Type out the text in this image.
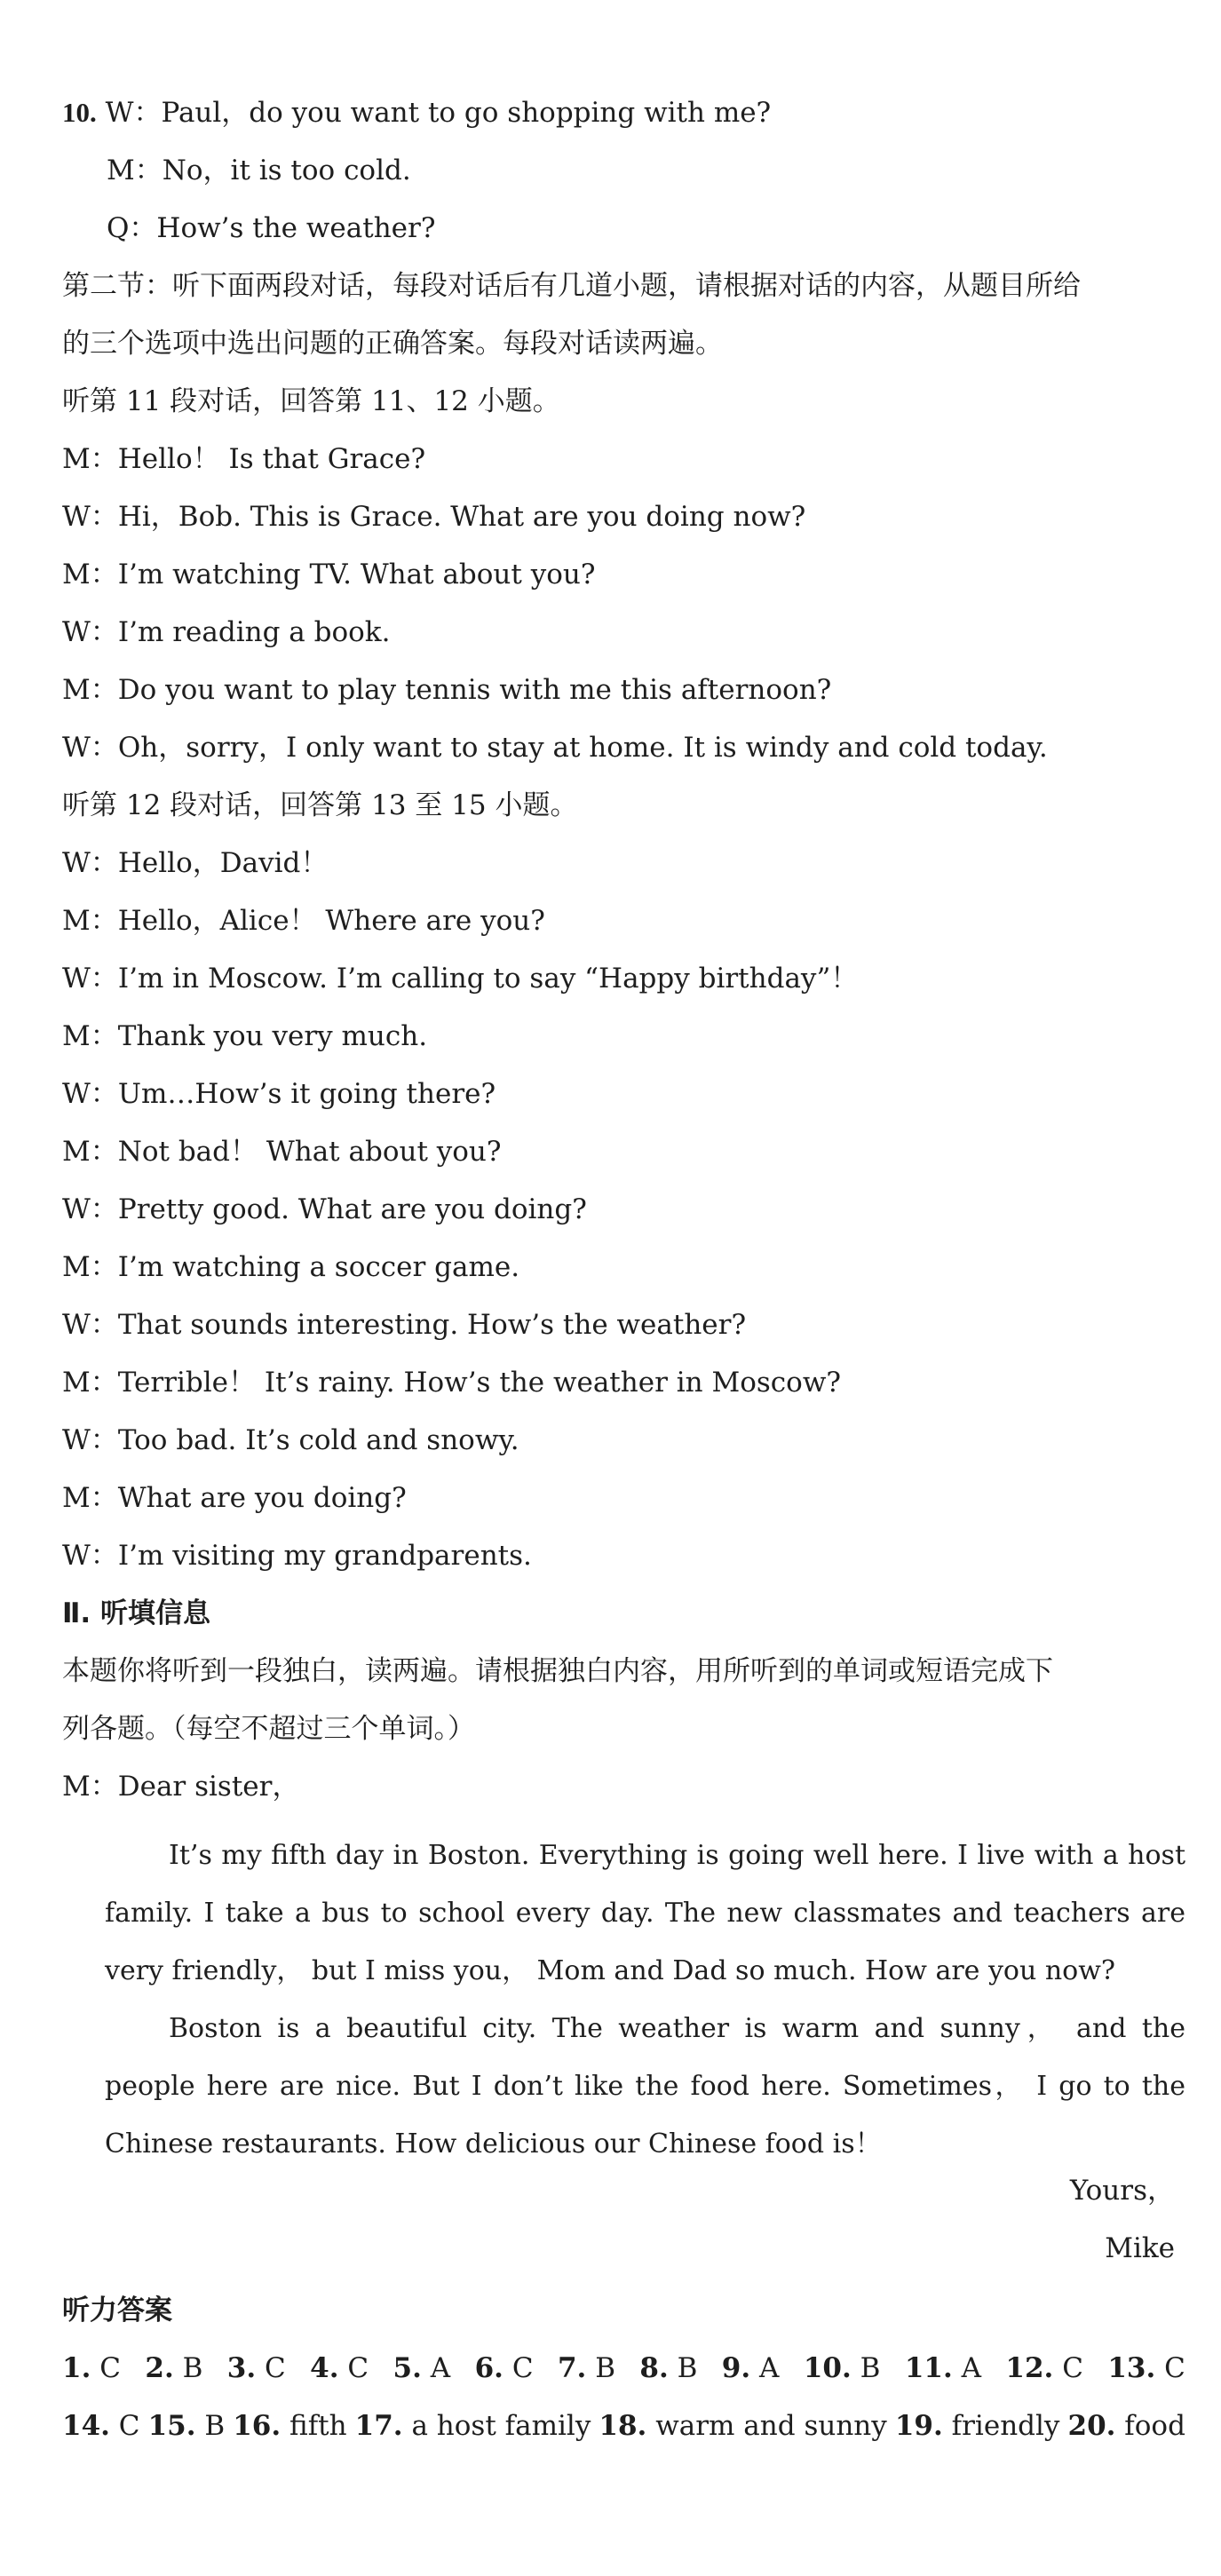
10. W：Paul，do you want to go shopping with me?
M：No，it is too cold.
Q：How’s the weather?
第二节：听下面两段对话，每段对话后有几道小题，请根据对话的内容，从题目所给
的三个选项中选出问题的正确答案。每段对话读两遍。
听第 11 段对话，回答第 11、12 小题。
M：Hello！ Is that Grace?
W：Hi，Bob. This is Grace. What are you doing now?
M：I’m watching TV. What about you?
W：I’m reading a book.
M：Do you want to play tennis with me this afternoon?
W：Oh，sorry，I only want to stay at home. It is windy and cold today.
听第 12 段对话，回答第 13 至 15 小题。
W：Hello，David！
M：Hello，Alice！ Where are you?
W：I’m in Moscow. I’m calling to say “Happy birthday”！
M：Thank you very much.
W：Um…How’s it going there?
M：Not bad！ What about you?
W：Pretty good. What are you doing?
M：I’m watching a soccer game.
W：That sounds interesting. How’s the weather?
M：Terrible！ It’s rainy. How’s the weather in Moscow?
W：Too bad. It’s cold and snowy.
M：What are you doing?
W：I’m visiting my grandparents.
Ⅱ. 听填信息
本题你将听到一段独白，读两遍。请根据独白内容，用所听到的单词或短语完成下
列各题。（每空不超过三个单词。）
M：Dear sister，
It’s my fifth day in Boston. Everything is going well here. I live with a host family. I take a bus to school every day. The new classmates and teachers are very friendly， but I miss you， Mom and Dad so much. How are you now?
Boston is a beautiful city. The weather is warm and sunny， and the people here are nice. But I don’t like the food here. Sometimes， I go to the Chinese restaurants. How delicious our Chinese food is！
Yours，
Mike
听力答案
1. C 2. B 3. C 4. C 5. A 6. C 7. B 8. B 9. A 10. B 11. A 12. C 13. C
14. C 15. B 16. fifth 17. a host family 18. warm and sunny 19. friendly 20. food
